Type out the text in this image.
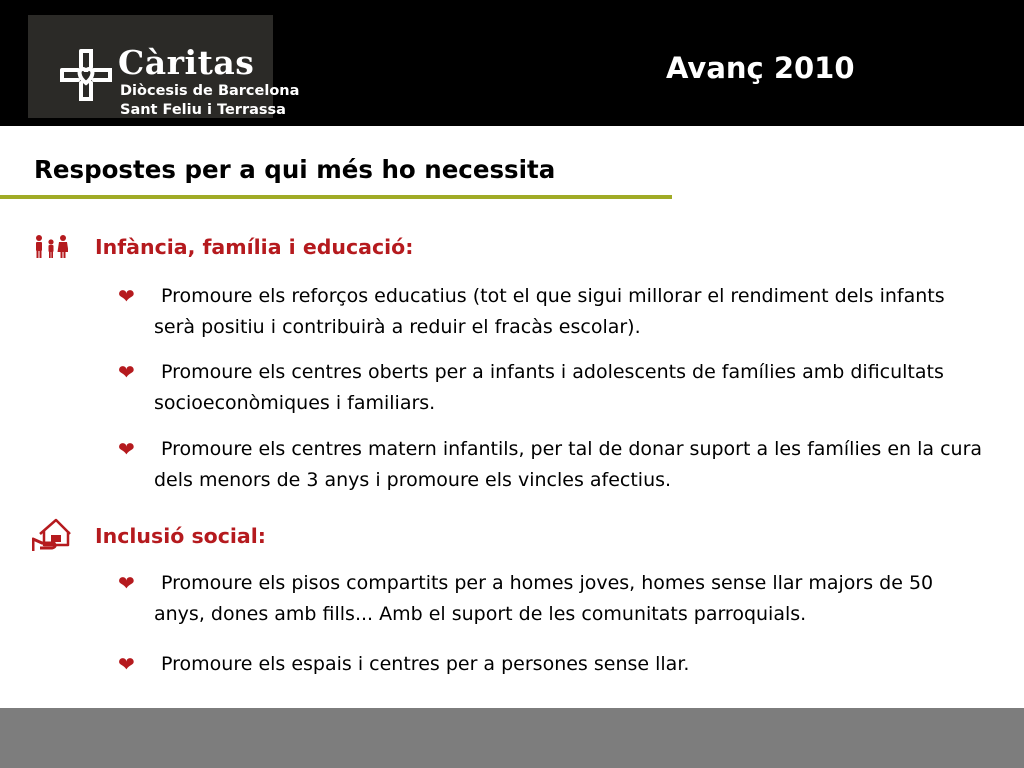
Càritas
Diòcesis de Barcelona
Sant Feliu i Terrassa
Avanç 2010
Respostes per a qui més ho necessita
Infància, família i educació:
❤	Promoure els reforços educatius (tot el que sigui millorar el rendiment dels infants serà positiu i contribuirà a reduir el fracàs escolar).
❤	Promoure els centres oberts per a infants i adolescents de famílies amb dificultats socioeconòmiques i familiars.
❤	Promoure els centres matern infantils, per tal de donar suport a les famílies en la cura dels menors de 3 anys i promoure els vincles afectius.
Inclusió social:
❤	Promoure els pisos compartits per a homes joves, homes sense llar majors de 50 anys, dones amb fills... Amb el suport de les comunitats parroquials.
❤	Promoure els espais i centres per a persones sense llar.
